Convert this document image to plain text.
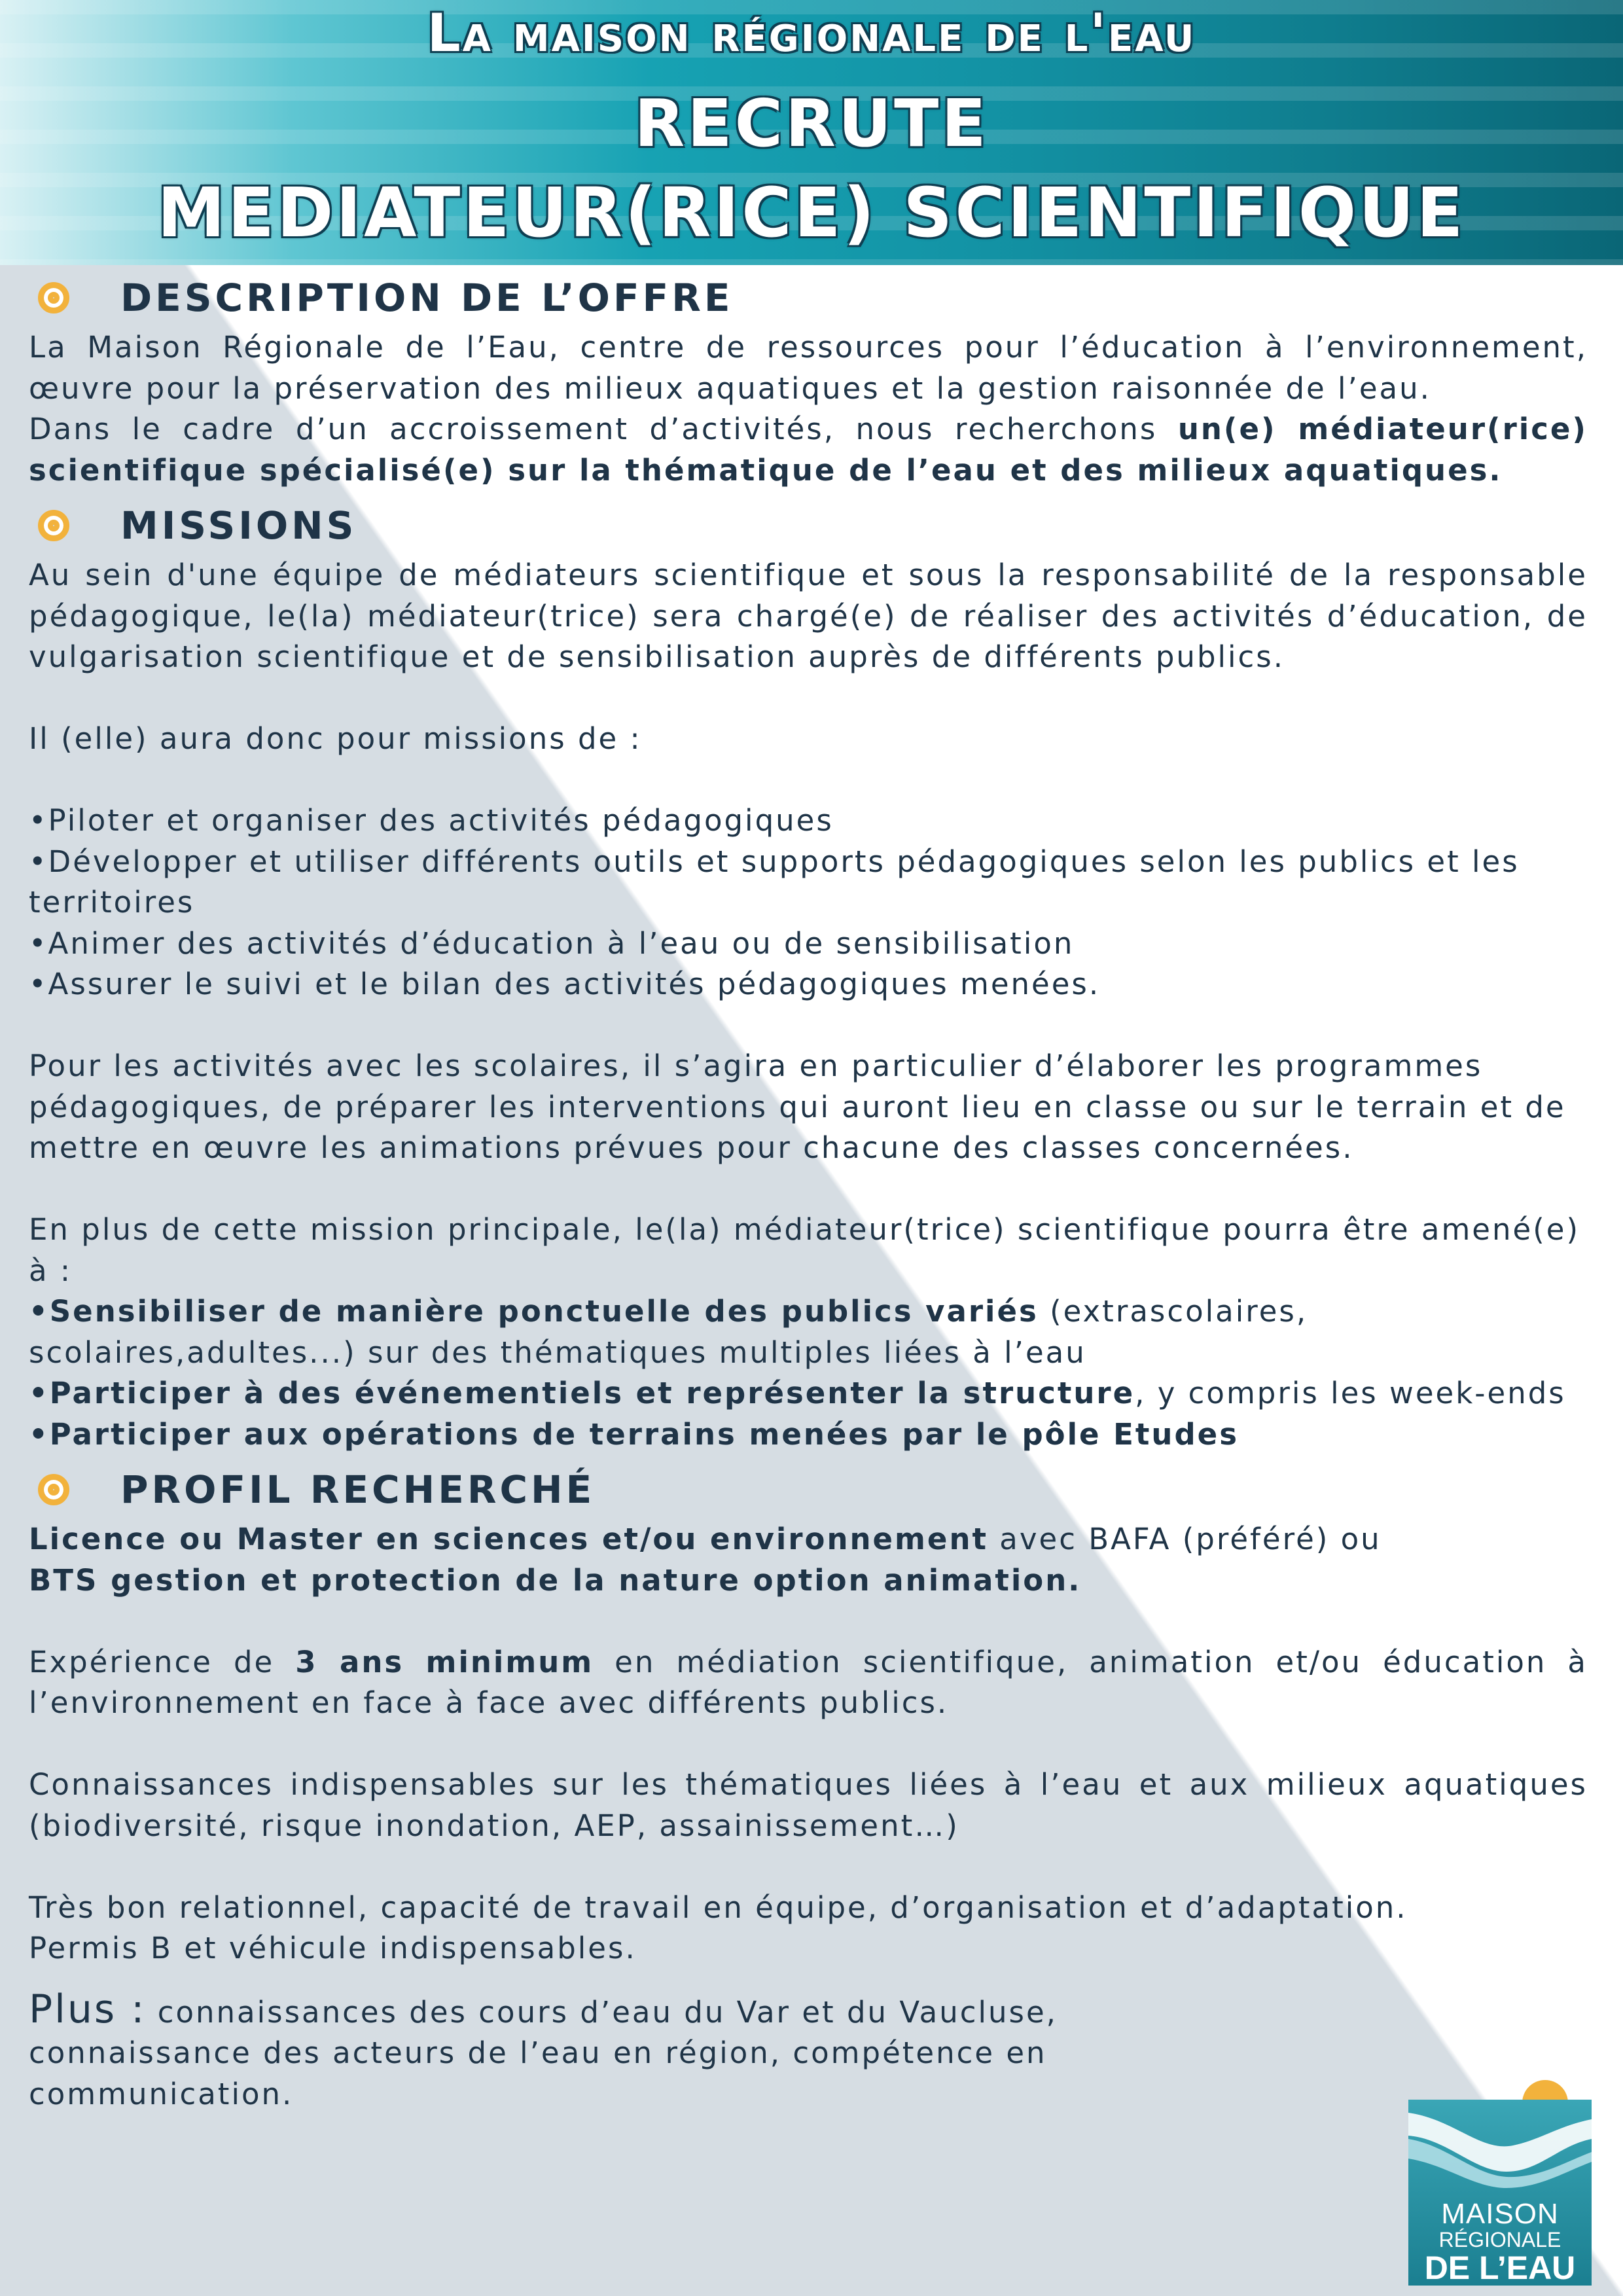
La maison régionale de l'eau
RECRUTE
MEDIATEUR(RICE) SCIENTIFIQUE
DESCRIPTION DE L’OFFRE

La Maison Régionale de l’Eau, centre de ressources pour l’éducation à l’environnement, œuvre pour la préservation des milieux aquatiques et la gestion raisonnée de l’eau.

Dans le cadre d’un accroissement d’activités, nous recherchons un(e) médiateur(rice) scientifique spécialisé(e) sur la thématique de l’eau et des milieux aquatiques.

MISSIONS

Au sein d'une équipe de médiateurs scientifique et sous la responsabilité de la responsable pédagogique, le(la) médiateur(trice) sera chargé(e) de réaliser des activités d’éducation, de vulgarisation scientifique et de sensibilisation auprès de différents publics.

Il (elle) aura donc pour missions de :

•Piloter et organiser des activités pédagogiques

•Développer et utiliser différents outils et supports pédagogiques selon les publics et les territoires

•Animer des activités d’éducation à l’eau ou de sensibilisation

•Assurer le suivi et le bilan des activités pédagogiques menées.

Pour les activités avec les scolaires, il s’agira en particulier d’élaborer les programmes pédagogiques, de préparer les interventions qui auront lieu en classe ou sur le terrain et de mettre en œuvre les animations prévues pour chacune des classes concernées.

En plus de cette mission principale, le(la) médiateur(trice) scientifique pourra être amené(e) à :

•Sensibiliser de manière ponctuelle des publics variés (extrascolaires, scolaires,adultes...) sur des thématiques multiples liées à l’eau

•Participer à des événementiels et représenter la structure, y compris les week-ends

•Participer aux opérations de terrains menées par le pôle Etudes

PROFIL RECHERCHÉ

Licence ou Master en sciences et/ou environnement avec BAFA (préféré) ou
BTS gestion et protection de la nature option animation.

Expérience de 3 ans minimum en médiation scientifique, animation et/ou éducation à l’environnement en face à face avec différents publics.

Connaissances indispensables sur les thématiques liées à l’eau et aux milieux aquatiques (biodiversité, risque inondation, AEP, assainissement…)

Très bon relationnel, capacité de travail en équipe, d’organisation et d’adaptation.

Permis B et véhicule indispensables.

Plus : connaissances des cours d’eau du Var et du Vaucluse, connaissance des acteurs de l’eau en région, compétence en communication.

MAISON
RÉGIONALE
DE L’EAU
